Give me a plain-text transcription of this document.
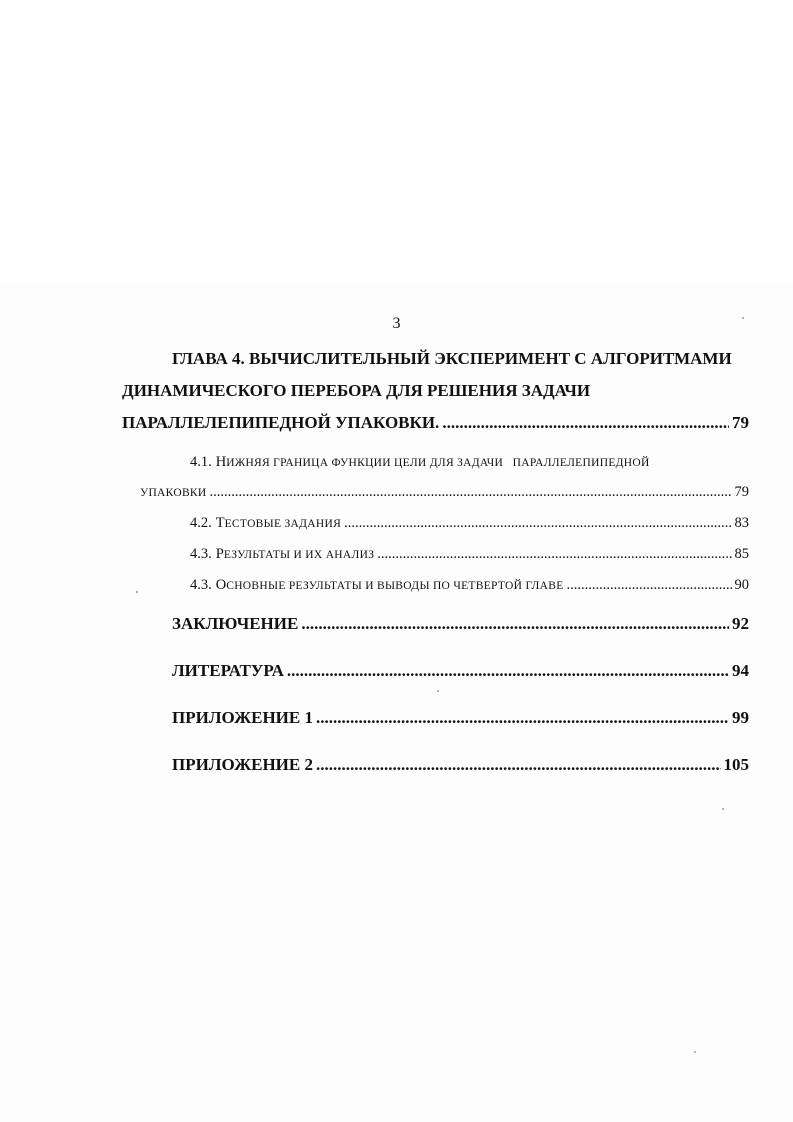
3
ГЛАВА 4. ВЫЧИСЛИТЕЛЬНЫЙ ЭКСПЕРИМЕНТ С АЛГОРИТМАМИ
ДИНАМИЧЕСКОГО ПЕРЕБОРА ДЛЯ РЕШЕНИЯ ЗАДАЧИ
ПАРАЛЛЕЛЕПИПЕДНОЙ УПАКОВКИ. .....	79
4.1. НИЖНЯЯ ГРАНИЦА ФУНКЦИИ ЦЕЛИ ДЛЯ ЗАДАЧИ   ПАРАЛЛЕЛЕПИПЕДНОЙ
УПАКОВКИ .....	79
4.2.
Т ЕСТОВЫЕ ЗАДАНИЯ .....	83
4.3.
Р ЕЗУЛЬТАТЫ И ИХ АНАЛИЗ .....	85
4.3.
О СНОВНЫЕ РЕЗУЛЬТАТЫ И ВЫВОДЫ ПО ЧЕТВЕРТОЙ ГЛАВЕ .....	90
ЗАКЛЮЧЕНИЕ .....	92
ЛИТЕРАТУРА .....	94
ПРИЛОЖЕНИЕ 1 .....	99
ПРИЛОЖЕНИЕ 2 .....	105
